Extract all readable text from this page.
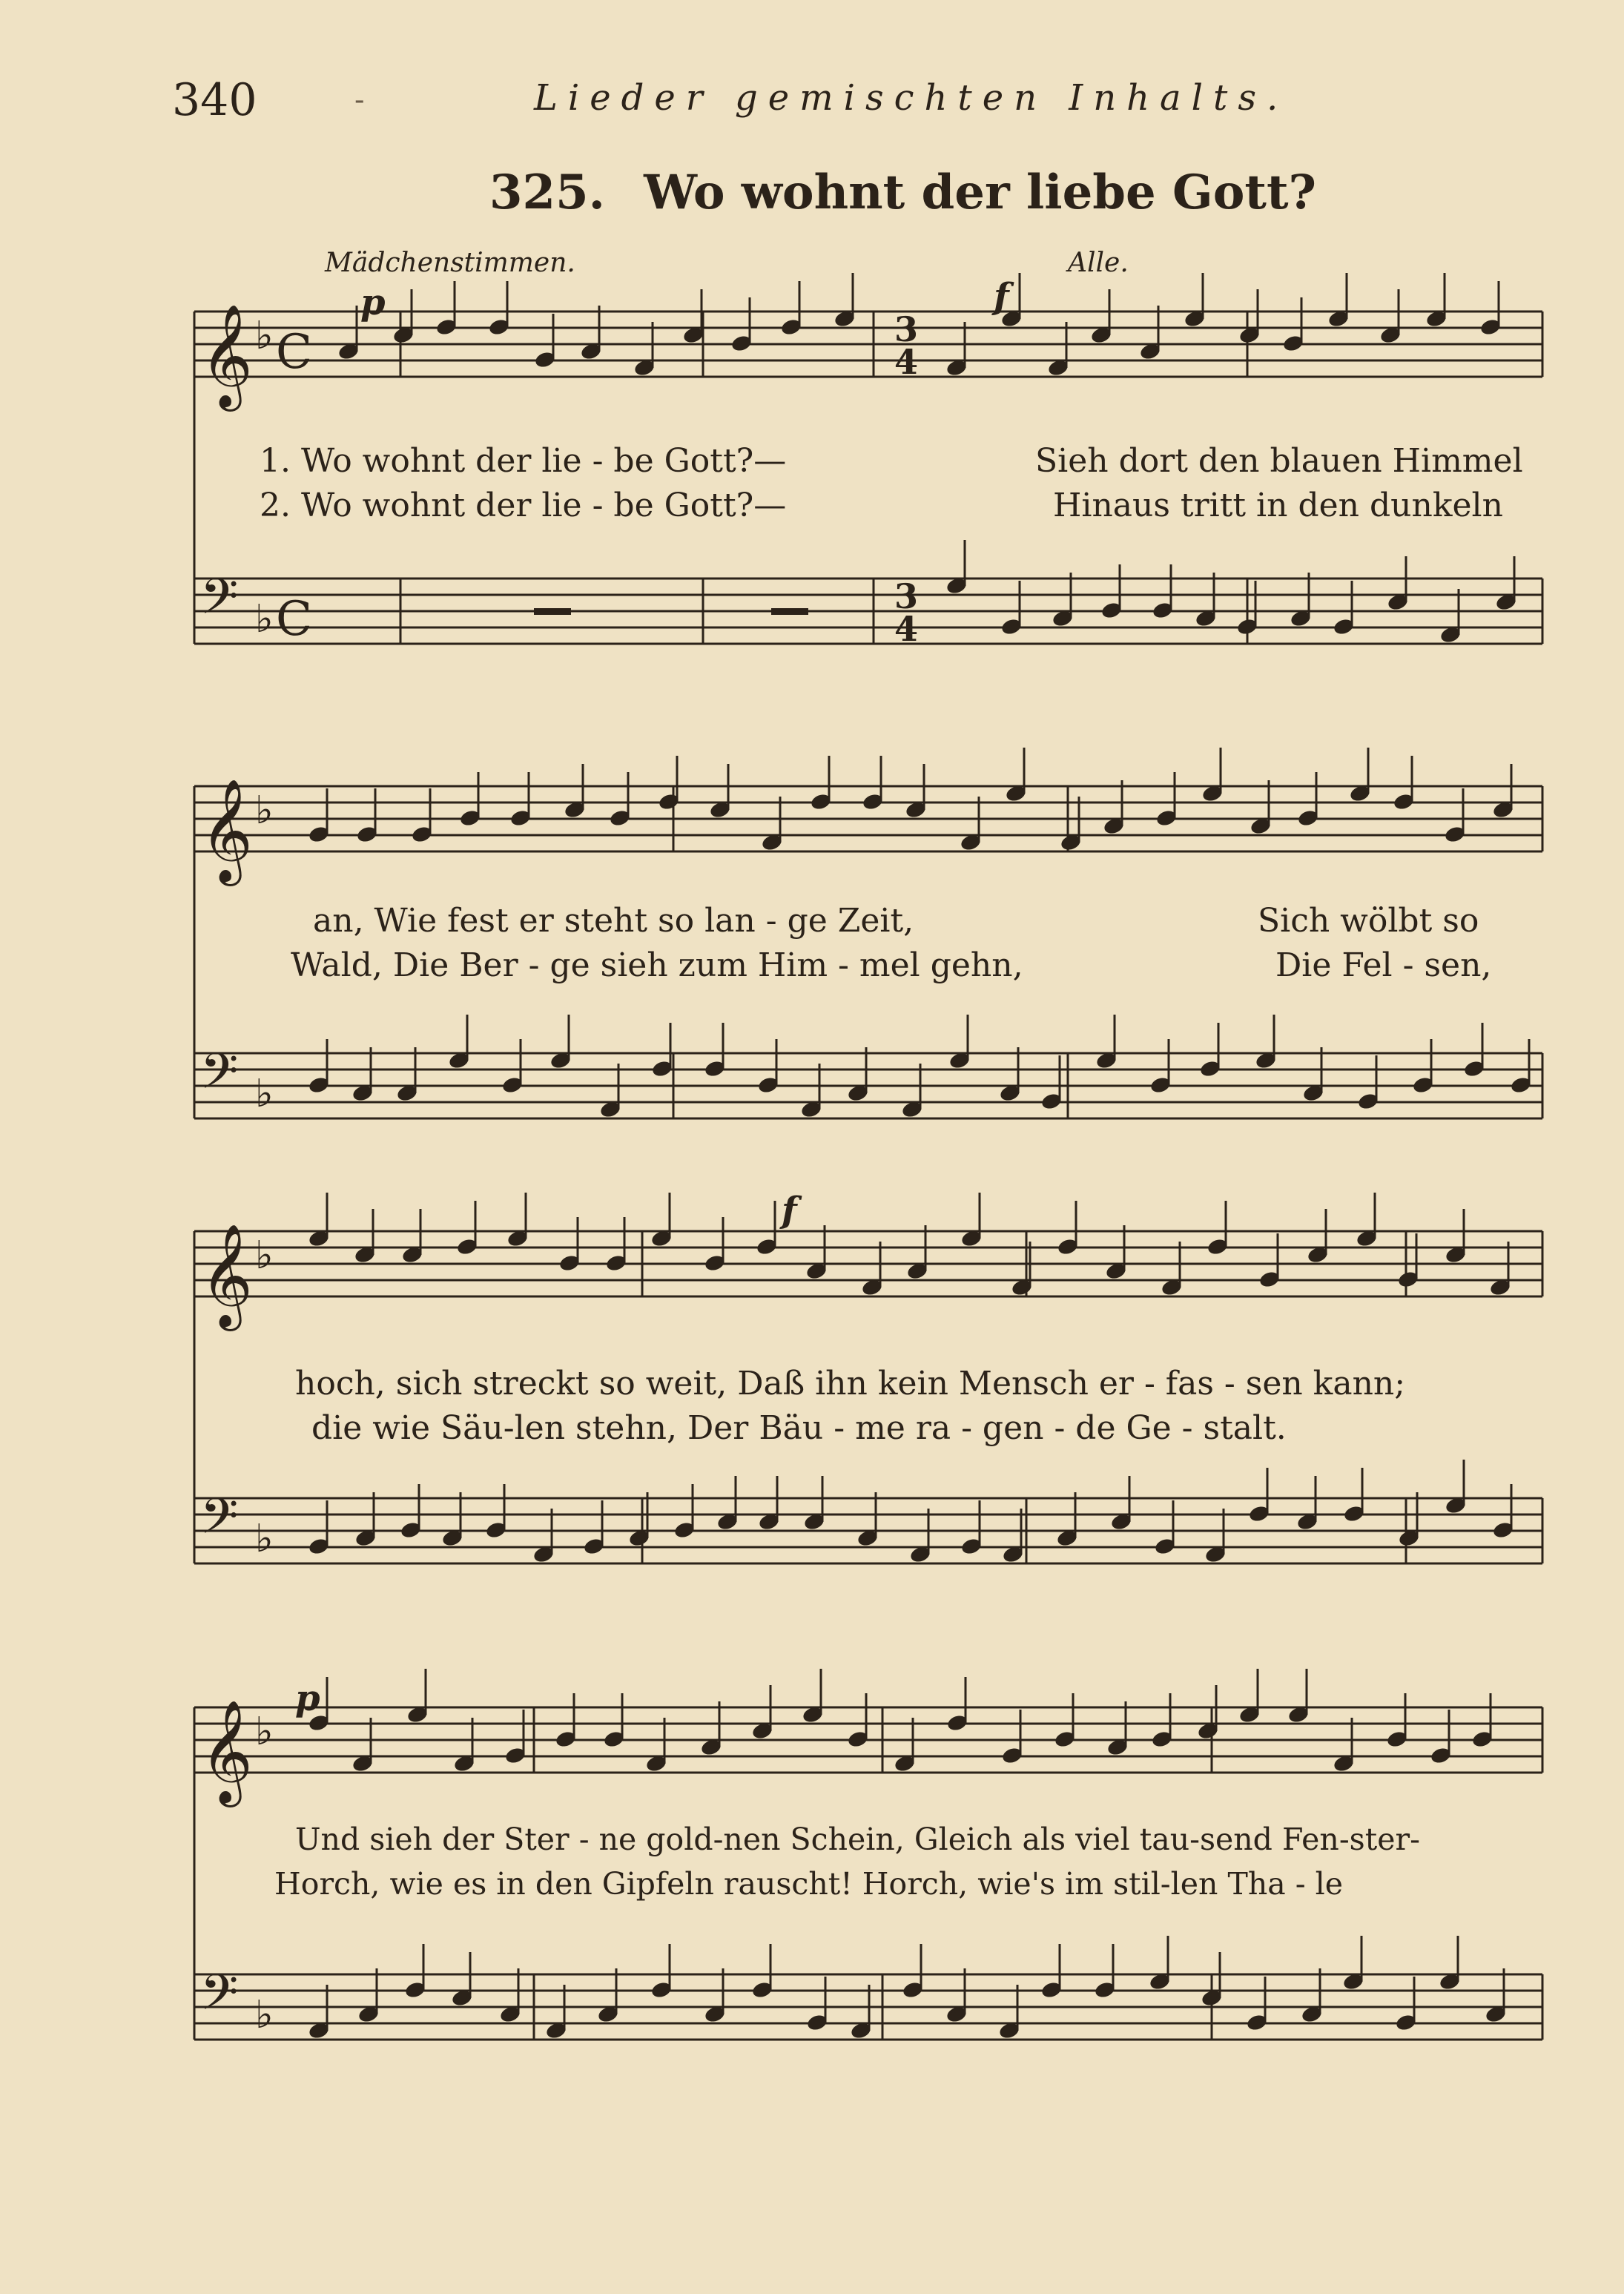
340	-	Lieder gemischten Inhalts.
325. Wo wohnt der liebe Gott?
Mädchenstimmen.	Alle.
p	f
f
p
𝄞
𝄢
♭
♭
C
C
3
4
3
4
1. Wo wohnt der lie - be Gott?—	Sieh dort den blauen Himmel
2. Wo wohnt der lie - be Gott?—	Hinaus tritt in den dunkeln
𝄞
𝄢
♭
♭
an, Wie fest er steht so lan - ge Zeit,	Sich wölbt so
Wald, Die Ber - ge sieh zum Him - mel gehn,	Die Fel - sen,
𝄞
𝄢
♭
♭
hoch, sich streckt so weit, Daß ihn kein Mensch er - fas - sen kann;
die wie Säu-len stehn, Der Bäu - me ra - gen - de Ge - stalt.
𝄞
𝄢
♭
♭
Und sieh der Ster - ne gold-nen Schein, Gleich als viel tau-send Fen-ster-
Horch, wie es in den Gipfeln rauscht! Horch, wie's im stil-len Tha - le
